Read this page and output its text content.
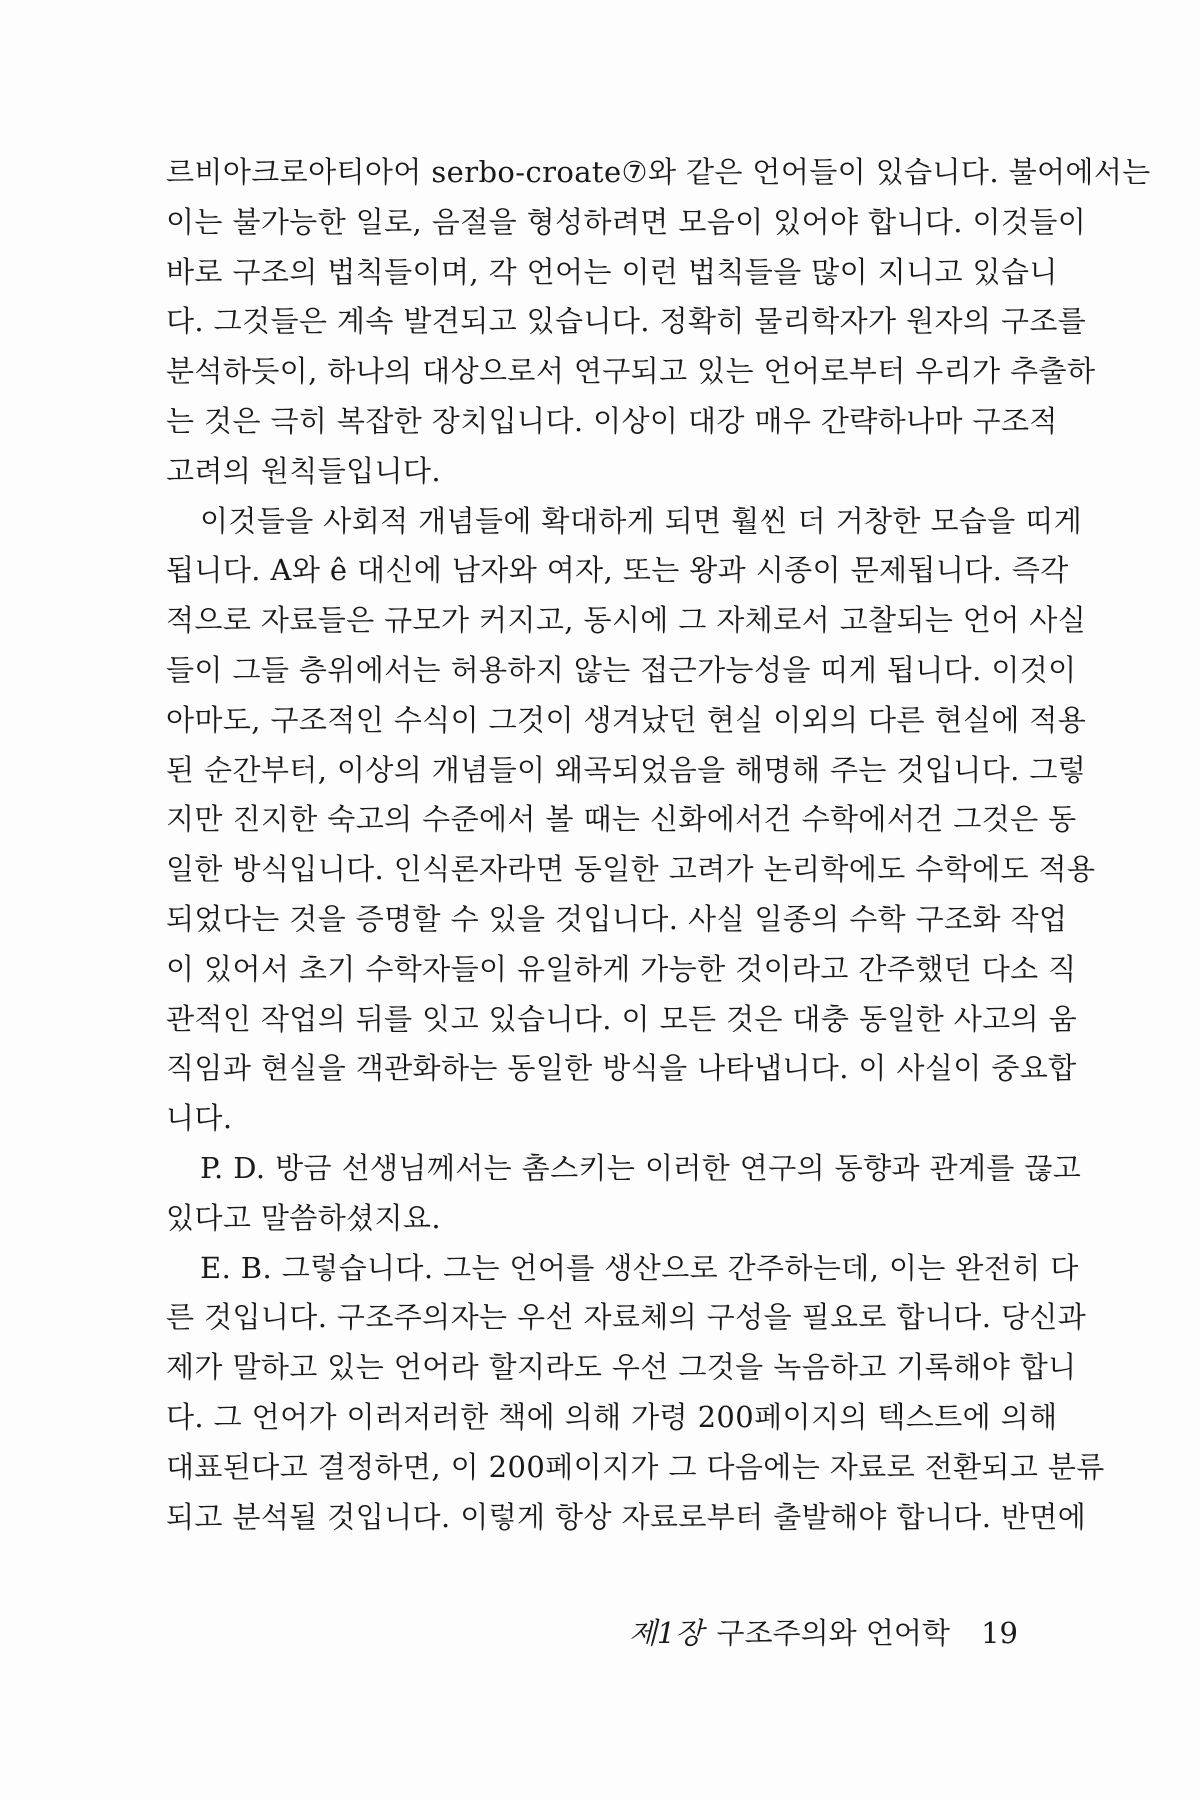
르비아크로아티아어 serbo-croate⑦와 같은 언어들이 있습니다. 불어에서는
이는 불가능한 일로, 음절을 형성하려면 모음이 있어야 합니다. 이것들이
바로 구조의 법칙들이며, 각 언어는 이런 법칙들을 많이 지니고 있습니
다. 그것들은 계속 발견되고 있습니다. 정확히 물리학자가 원자의 구조를
분석하듯이, 하나의 대상으로서 연구되고 있는 언어로부터 우리가 추출하
는 것은 극히 복잡한 장치입니다. 이상이 대강 매우 간략하나마 구조적
고려의 원칙들입니다.
이것들을 사회적 개념들에 확대하게 되면 훨씬 더 거창한 모습을 띠게
됩니다. A와 ê 대신에 남자와 여자, 또는 왕과 시종이 문제됩니다. 즉각
적으로 자료들은 규모가 커지고, 동시에 그 자체로서 고찰되는 언어 사실
들이 그들 층위에서는 허용하지 않는 접근가능성을 띠게 됩니다. 이것이
아마도, 구조적인 수식이 그것이 생겨났던 현실 이외의 다른 현실에 적용
된 순간부터, 이상의 개념들이 왜곡되었음을 해명해 주는 것입니다. 그렇
지만 진지한 숙고의 수준에서 볼 때는 신화에서건 수학에서건 그것은 동
일한 방식입니다. 인식론자라면 동일한 고려가 논리학에도 수학에도 적용
되었다는 것을 증명할 수 있을 것입니다. 사실 일종의 수학 구조화 작업
이 있어서 초기 수학자들이 유일하게 가능한 것이라고 간주했던 다소 직
관적인 작업의 뒤를 잇고 있습니다. 이 모든 것은 대충 동일한 사고의 움
직임과 현실을 객관화하는 동일한 방식을 나타냅니다. 이 사실이 중요합
니다.
P. D. 방금 선생님께서는 촘스키는 이러한 연구의 동향과 관계를 끊고
있다고 말씀하셨지요.
E. B. 그렇습니다. 그는 언어를 생산으로 간주하는데, 이는 완전히 다
른 것입니다. 구조주의자는 우선 자료체의 구성을 필요로 합니다. 당신과
제가 말하고 있는 언어라 할지라도 우선 그것을 녹음하고 기록해야 합니
다. 그 언어가 이러저러한 책에 의해 가령 200페이지의 텍스트에 의해
대표된다고 결정하면, 이 200페이지가 그 다음에는 자료로 전환되고 분류
되고 분석될 것입니다. 이렇게 항상 자료로부터 출발해야 합니다. 반면에
제1장 구조주의와 언어학 19
